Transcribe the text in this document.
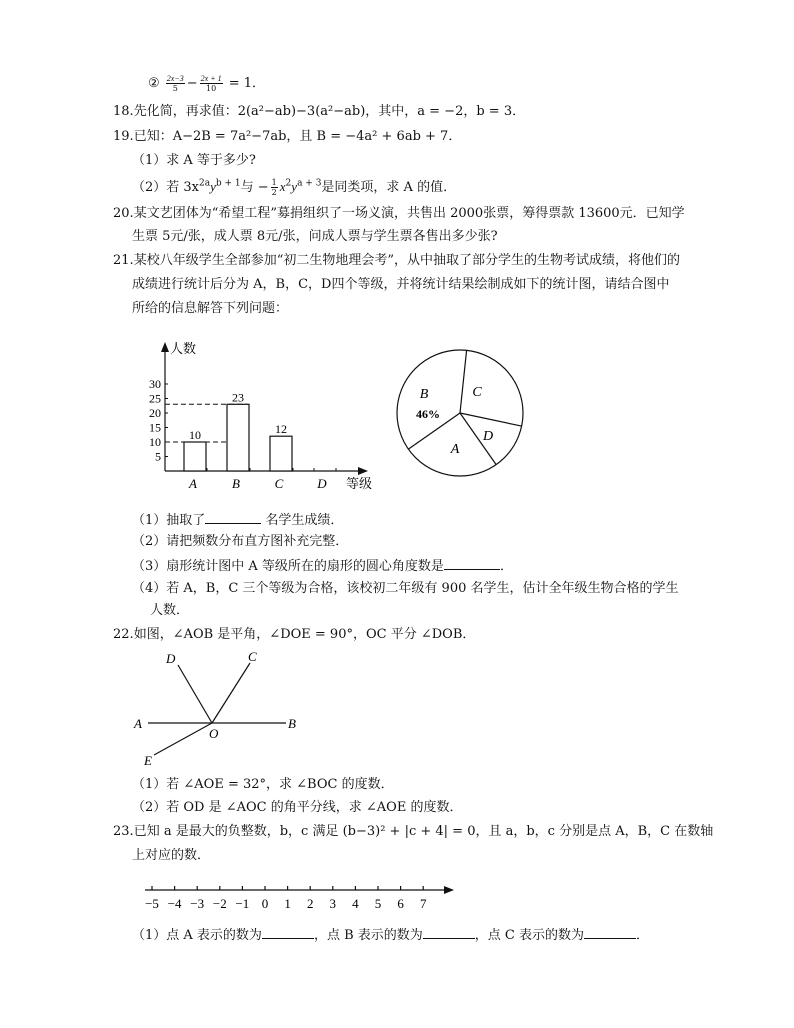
② $\frac{2x-3}{5} - \frac{2x + 1}{10} = 1$．
18.先化简，再求值：2(a²−ab)−3(a²−ab)，其中，a = −2，b = 3．
19.已知：A−2B = 7a²−7ab，且 B = −4a² + 6ab + 7．
（1）求 A 等于多少?
（2）若 $3x^{2a}y^{b + 1}$与 − $\frac{1}{2} x^2y^{a + 3}$是同类项，求 A 的值．
20.某文艺团体为“希望工程”募捐组织了一场义演，共售出 2000张票，筹得票款 13600元．已知学
生票 5元/张，成人票 8元/张，问成人票与学生票各售出多少张?
21.某校八年级学生全部参加“初二生物地理会考”，从中抽取了部分学生的生物考试成绩，将他们的
成绩进行统计后分为 A，B，C，D四个等级，并将统计结果绘制成如下的统计图，请结合图中
所给的信息解答下列问题：
人数
等级
5
10
15
20
25
30
10
A
23
B
12
C	D
B	C
D
A
46%
（1）抽取了	名学生成绩．
（2）请把频数分布直方图补充完整．
（3）扇形统计图中 A 等级所在的扇形的圆心角度数是	．
（4）若 A，B，C 三个等级为合格，该校初二年级有 900 名学生，估计全年级生物合格的学生
人数．
22.如图，∠AOB 是平角，∠DOE = 90°，OC 平分 ∠DOB．
D	C
A
O
B
E
（1）若 ∠AOE = 32°，求 ∠BOC 的度数．
（2）若 OD 是 ∠AOC 的角平分线，求 ∠AOE 的度数．
23.已知 a 是最大的负整数，b，c 满足 (b−3)² + |c + 4| = 0，且 a，b，c 分别是点 A，B，C 在数轴
上对应的数．
−5 −4 −3 −2 −1 0 1 2 3 4 5 6 7
（1）点 A 表示的数为	，点 B 表示的数为	，点 C 表示的数为	．
